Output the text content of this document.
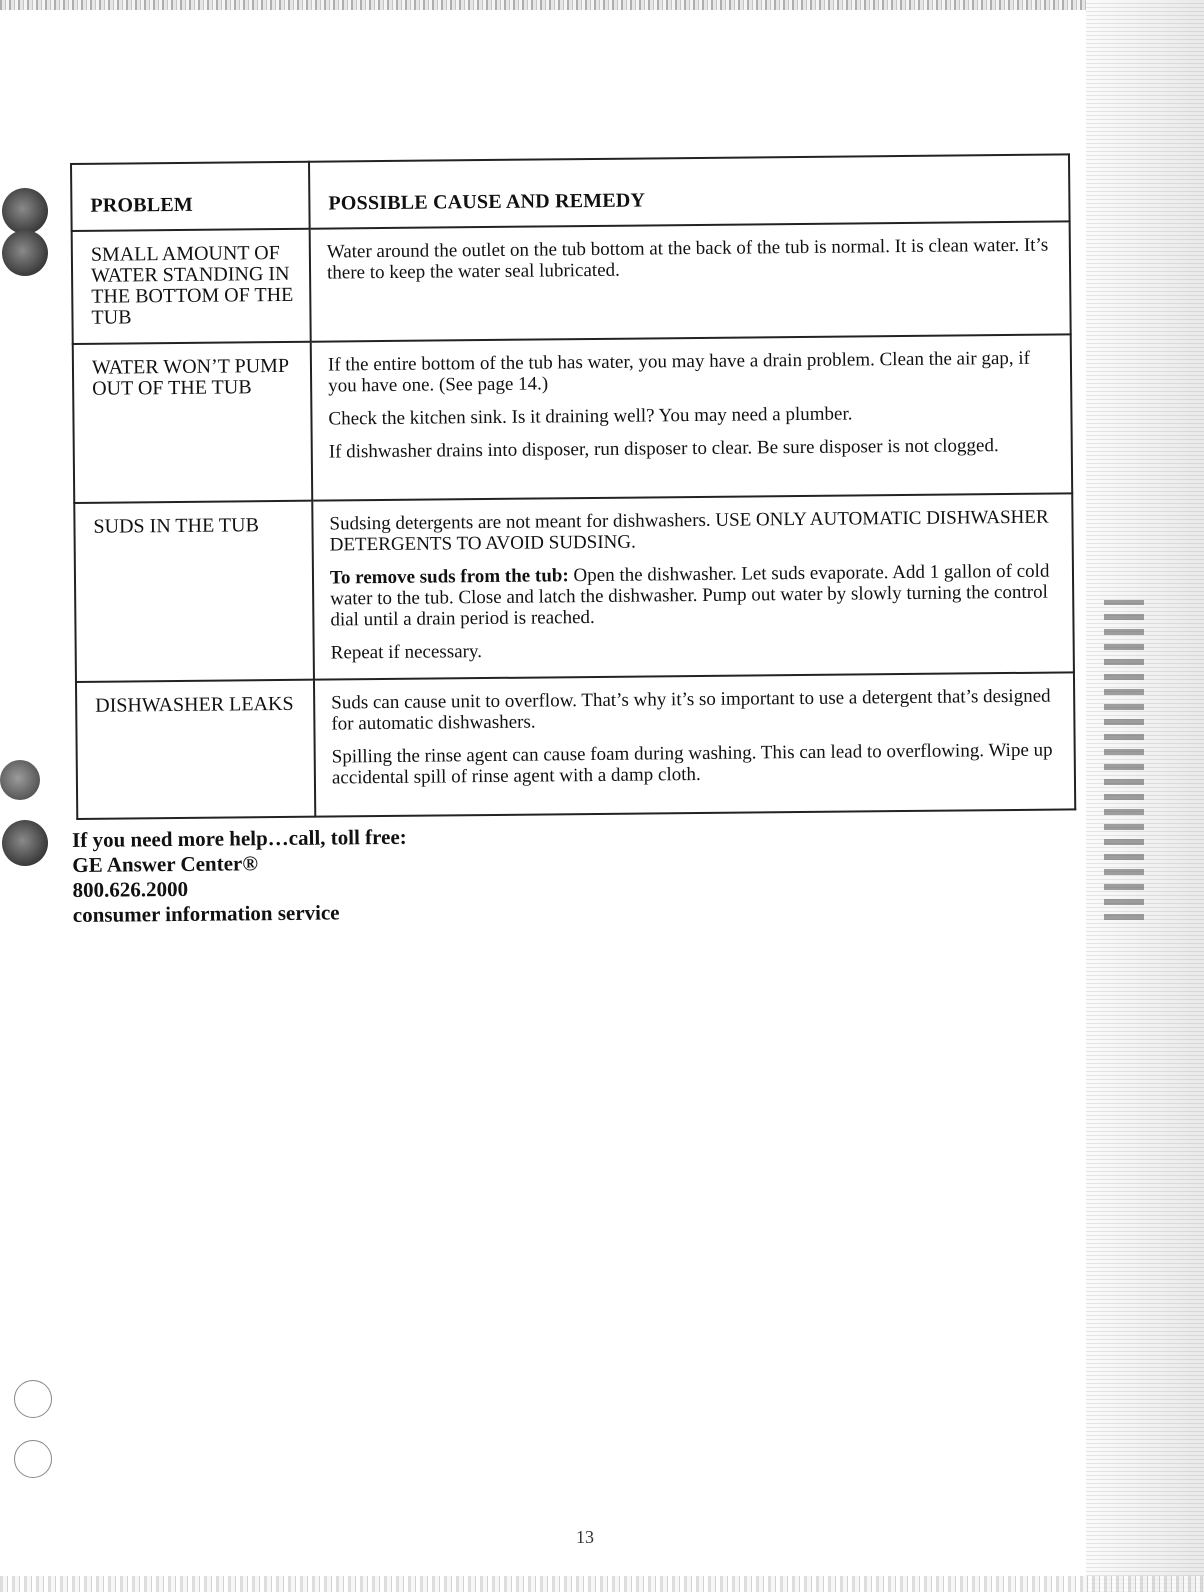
PROBLEM	POSSIBLE CAUSE AND REMEDY
SMALL AMOUNT OF WATER STANDING IN THE BOTTOM OF THE TUB	Water around the outlet on the tub bottom at the back of the tub is normal. It is clean water. It’s there to keep the water seal lubricated.

WATER WON’T PUMP OUT OF THE TUB	If the entire bottom of the tub has water, you may have a drain problem. Clean the air gap, if you have one. (See page 14.)

Check the kitchen sink. Is it draining well? You may need a plumber.

If dishwasher drains into disposer, run disposer to clear. Be sure disposer is not clogged.

SUDS IN THE TUB	Sudsing detergents are not meant for dishwashers. USE ONLY AUTOMATIC DISHWASHER DETERGENTS TO AVOID SUDSING.

To remove suds from the tub: Open the dishwasher. Let suds evaporate. Add 1 gallon of cold water to the tub. Close and latch the dishwasher. Pump out water by slowly turning the control dial until a drain period is reached.

Repeat if necessary.

DISHWASHER LEAKS	Suds can cause unit to overflow. That’s why it’s so important to use a detergent that’s designed for automatic dishwashers.

Spilling the rinse agent can cause foam during washing. This can lead to overflowing. Wipe up accidental spill of rinse agent with a damp cloth.

If you need more help…call, toll free:
GE Answer Center®
800.626.2000
consumer information service
13
